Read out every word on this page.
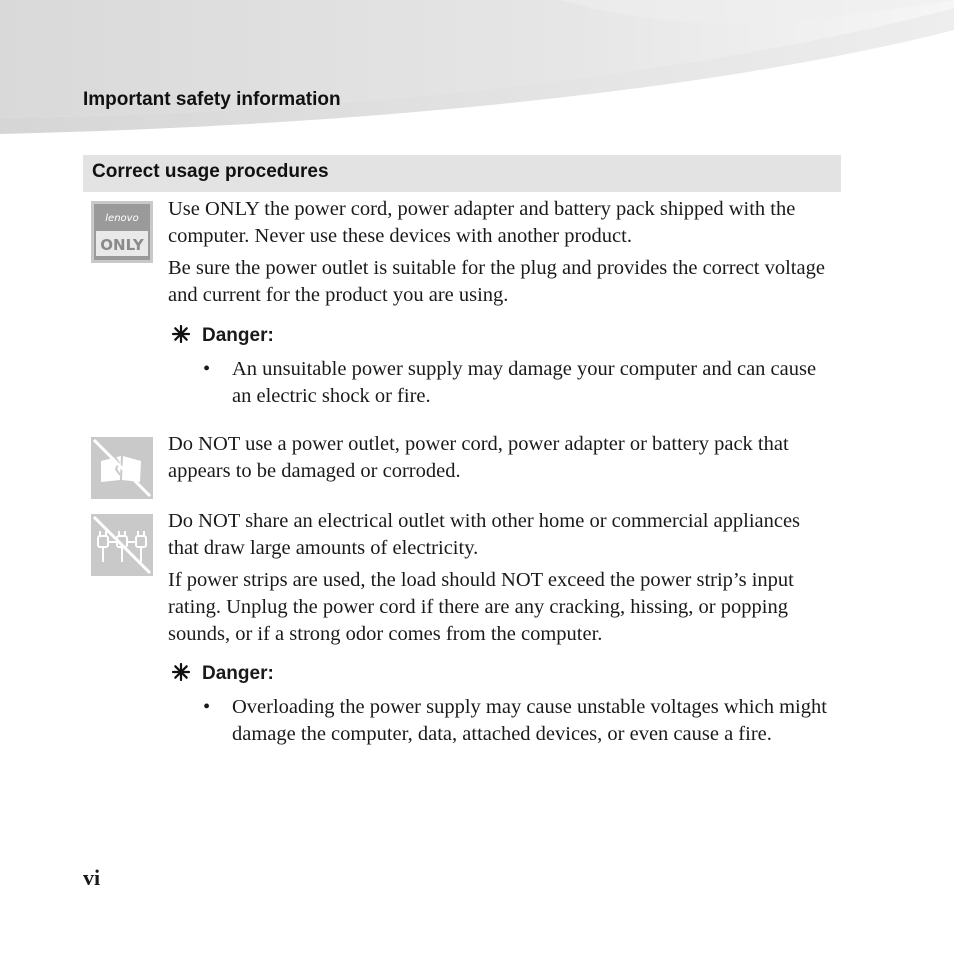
Important safety information
Correct usage procedures
lenovo
ONLY

Use ONLY the power cord, power adapter and battery pack shipped with the computer. Never use these devices with another product.

Be sure the power outlet is suitable for the plug and provides the correct voltage and current for the product you are using.

Danger:
• An unsuitable power supply may damage your computer and can cause an electric shock or fire.

Do NOT use a power outlet, power cord, power adapter or battery pack that appears to be damaged or corroded.

Do NOT share an electrical outlet with other home or commercial appliances that draw large amounts of electricity.

If power strips are used, the load should NOT exceed the power strip’s input rating. Unplug the power cord if there are any cracking, hissing, or popping sounds, or if a strong odor comes from the computer.

Danger:
• Overloading the power supply may cause unstable voltages which might damage the computer, data, attached devices, or even cause a fire.
vi
